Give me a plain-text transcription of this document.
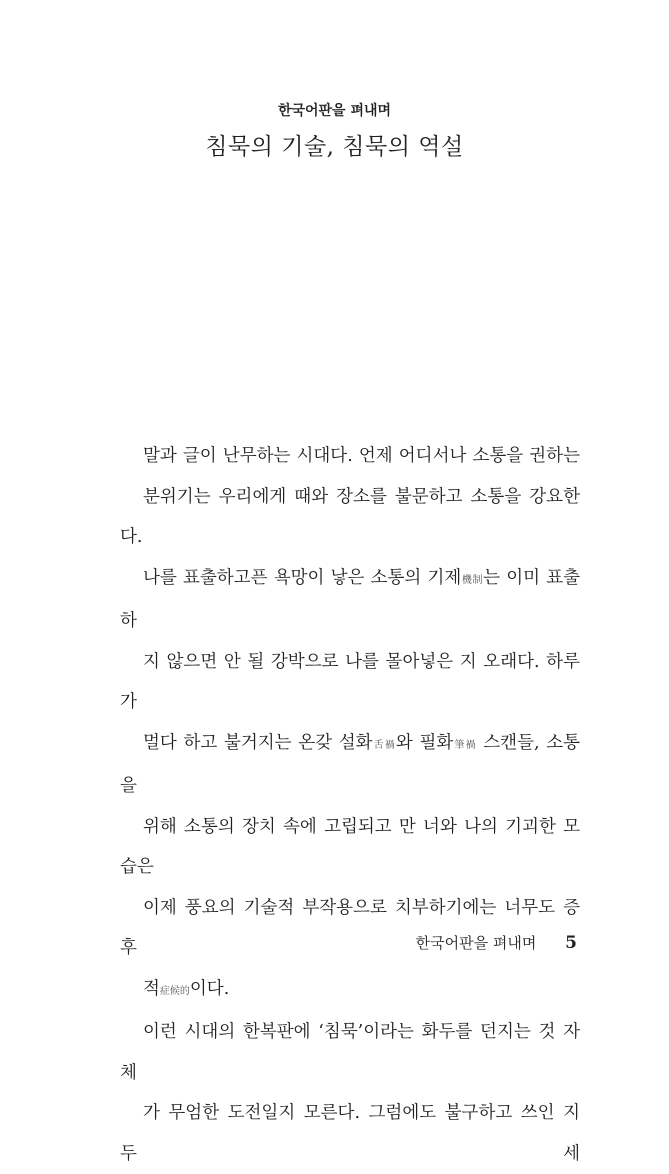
한국어판을 펴내며
침묵의 기술, 침묵의 역설

말과 글이 난무하는 시대다. 언제 어디서나 소통을 권하는
분위기는 우리에게 때와 장소를 불문하고 소통을 강요한다.
나를 표출하고픈 욕망이 낳은 소통의 기제機制는 이미 표출하
지 않으면 안 될 강박으로 나를 몰아넣은 지 오래다. 하루가
멀다 하고 불거지는 온갖 설화舌禍와 필화筆禍 스캔들, 소통을
위해 소통의 장치 속에 고립되고 만 너와 나의 기괴한 모습은
이제 풍요의 기술적 부작용으로 치부하기에는 너무도 증후
적症候的이다.

이런 시대의 한복판에 ‘침묵’이라는 화두를 던지는 것 자체
가 무엄한 도전일지 모른다. 그럼에도 불구하고 쓰인 지 두 세

한국어판을 펴내며 5
